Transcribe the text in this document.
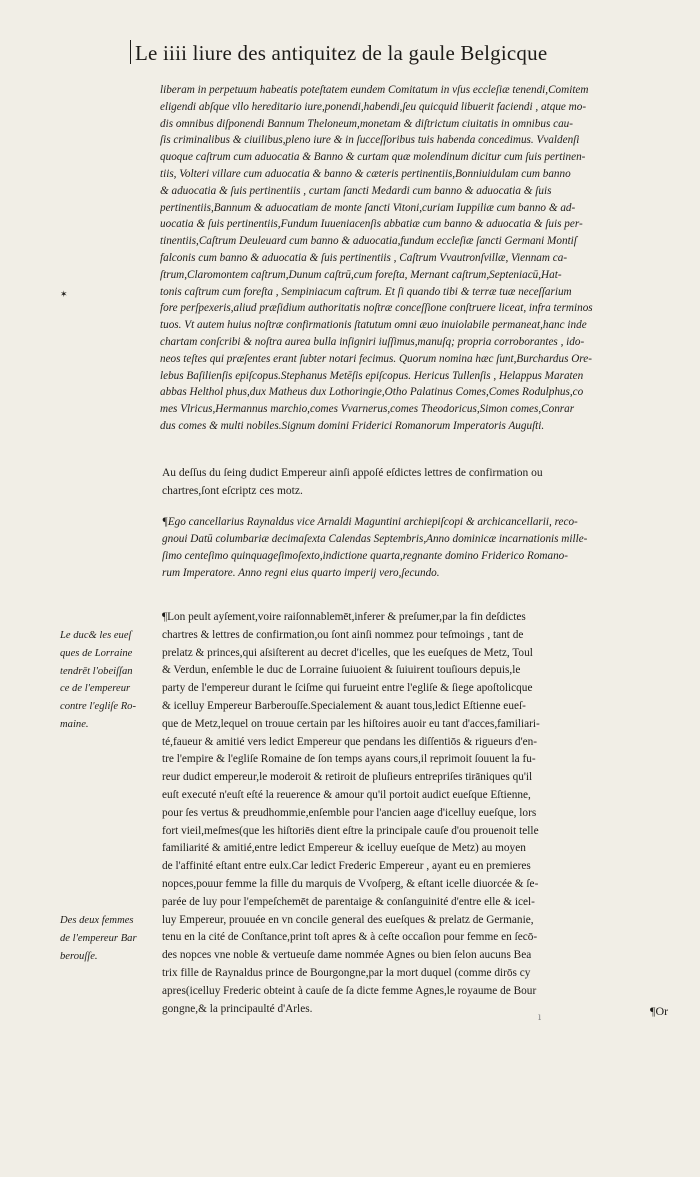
Le iiii liure des antiquitez de la gaule Belgicque
✶
liberam in perpetuum habeatis poteſtatem eundem Comitatum in vſus eccleſiæ tenendi,Comitem
eligendi abſque vllo hereditario iure,ponendi,habendi,ſeu quicquid libuerit faciendi , atque mo-
dis omnibus diſponendi Bannum Theloneum,monetam & diſtrictum ciuitatis in omnibus cau-
ſis criminalibus & ciuilibus,pleno iure & in ſucceſſoribus tuis habenda concedimus. Vvaldenſi
quoque caſtrum cum aduocatia & Banno & curtam quæ molendinum dicitur cum ſuis pertinen-
tiis, Volteri villare cum aduocatia & banno & cæteris pertinentiis,Bonniuidulam cum banno
& aduocatia & ſuis pertinentiis , curtam ſancti Medardi cum banno & aduocatia & ſuis
pertinentiis,Bannum & aduocatiam de monte ſancti Vitoni,curiam Iuppiliæ cum banno & ad-
uocatia & ſuis pertinentiis,Fundum Iuueniacenſis abbatiæ cum banno & aduocatia & ſuis per-
tinentiis,Caſtrum Deuleuard cum banno & aduocatia,fundum eccleſiæ ſancti Germani Montiſ
falconis cum banno & aduocatia & ſuis pertinentiis , Caſtrum Vvautronſvillæ, Viennam ca-
ſtrum,Claromontem caſtrum,Dunum caſtrū,cum foreſta, Mernant caſtrum,Septeniacū,Hat-
tonis caſtrum cum foreſta , Sempiniacum caſtrum. Et ſi quando tibi & terræ tuæ neceſſarium
fore perſpexeris,aliud præſidium authoritatis noſtræ conceſſione conſtruere liceat, infra terminos
tuos. Vt autem huius noſtræ confirmationis ſtatutum omni æuo inuiolabile permaneat,hanc inde
chartam conſcribi & noſtra aurea bulla inſigniri iuſſimus,manuſq; propria corroborantes , ido-
neos teſtes qui præſentes erant ſubter notari fecimus. Quorum nomina hæc ſunt,Burchardus Ore-
lebus Baſilienſis epiſcopus.Stephanus Metēſis epiſcopus. Hericus Tullenſis , Helappus Maraten
abbas Helthol phus,dux Matheus dux Lothoringie,Otho Palatinus Comes,Comes Rodulphus,co
mes Vlricus,Hermannus marchio,comes Vvarnerus,comes Theodoricus,Simon comes,Conrar
dus comes & multi nobiles.Signum domini Friderici Romanorum Imperatoris Auguſti.
Au deſſus du ſeing dudict Empereur ainſi appoſé eſdictes lettres de confirmation ou
chartres,ſont eſcriptz ces motz.
¶Ego cancellarius Raynaldus vice Arnaldi Maguntini archiepiſcopi & archicancellarii, reco-
gnoui Datū columbariæ decimaſexta Calendas Septembris,Anno dominicæ incarnationis mille-
ſimo centeſimo quinquageſimoſexto,indictione quarta,regnante domino Friderico Romano-
rum Imperatore. Anno regni eius quarto imperij vero,ſecundo.
¶Lon peult ayſement,voire raiſonnablemēt,inferer & preſumer,par la fin deſdictes
chartres & lettres de confirmation,ou ſont ainſi nommez pour teſmoings , tant de
prelatz & princes,qui aſsiſterent au decret d'icelles, que les eueſques de Metz, Toul
& Verdun, enſemble le duc de Lorraine ſuiuoient & ſuiuirent touſiours depuis,le
party de l'empereur durant le ſciſme qui furueint entre l'egliſe & ſiege apoſtolicque
& icelluy Empereur Barberouſſe.Specialement & auant tous,ledict Eſtienne eueſ-
que de Metz,lequel on trouue certain par les hiſtoires auoir eu tant d'acces,familiari-
té,faueur & amitié vers ledict Empereur que pendans les diſſentiōs & rigueurs d'en-
tre l'empire & l'egliſe Romaine de ſon temps ayans cours,il reprimoit ſouuent la fu-
reur dudict empereur,le moderoit & retiroit de pluſieurs entrepriſes tirāniques qu'il
euſt executé n'euſt eſté la reuerence & amour qu'il portoit audict eueſque Eſtienne,
pour ſes vertus & preudhommie,enſemble pour l'ancien aage d'icelluy eueſque, lors
fort vieil,meſmes(que les hiſtoriēs dient eſtre la principale cauſe d'ou prouenoit telle
familiarité & amitié,entre ledict Empereur & icelluy eueſque de Metz) au moyen
de l'affinité eſtant entre eulx.Car ledict Frederic Empereur , ayant eu en premieres
nopces,pouur femme la fille du marquis de Vvoſperg, & eſtant icelle diuorcée & ſe-
parée de luy pour l'empeſchemēt de parentaige & conſanguinité d'entre elle & icel-
luy Empereur, prouuée en vn concile general des eueſques & prelatz de Germanie,
tenu en la cité de Conſtance,print toſt apres & à ceſte occaſion pour femme en ſecō-
des nopces vne noble & vertueuſe dame nommée Agnes ou bien ſelon aucuns Bea
trix fille de Raynaldus prince de Bourgongne,par la mort duquel (comme dirōs cy
apres(icelluy Frederic obteint à cauſe de ſa dicte femme Agnes,le royaume de Bour
gongne,& la principaulté d'Arles.
Le duc& les eueſ
ques de Lorraine
tendrēt l'obeiſſan
ce de l'empereur
contre l'egliſe Ro-
maine.
Des deux femmes
de l'empereur Bar
berouſſe.
ı	¶Or
